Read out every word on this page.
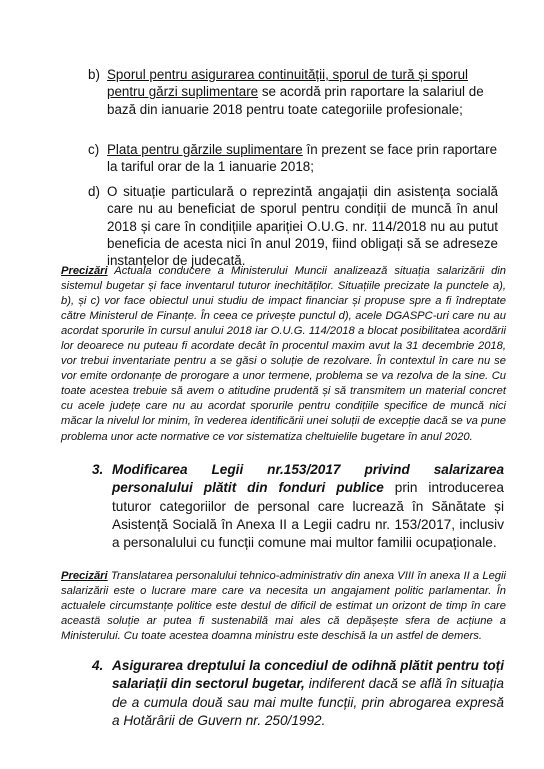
b) Sporul pentru asigurarea continuității, sporul de tură și sporul pentru gărzi suplimentare se acordă prin raportare la salariul de bază din ianuarie 2018 pentru toate categoriile profesionale;
c) Plata pentru gărzile suplimentare în prezent se face prin raportare la tariful orar de la 1 ianuarie 2018;
d) O situație particulară o reprezintă angajații din asistența socială care nu au beneficiat de sporul pentru condiții de muncă în anul 2018 și care în condițiile apariției O.U.G. nr. 114/2018 nu au putut beneficia de acesta nici în anul 2019, fiind obligați să se adreseze instanțelor de judecată.
Precizări Actuala conducere a Ministerului Muncii analizează situația salarizării din sistemul bugetar și face inventarul tuturor inechităților. Situațiile precizate la punctele a), b), și c) vor face obiectul unui studiu de impact financiar și propuse spre a fi îndreptate către Ministerul de Finanțe. În ceea ce privește punctul d), acele DGASPC-uri care nu au acordat sporurile în cursul anului 2018 iar O.U.G. 114/2018 a blocat posibilitatea acordării lor deoarece nu puteau fi acordate decât în procentul maxim avut la 31 decembrie 2018, vor trebui inventariate pentru a se găsi o soluție de rezolvare. În contextul în care nu se vor emite ordonanțe de prorogare a unor termene, problema se va rezolva de la sine. Cu toate acestea trebuie să avem o atitudine prudentă și să transmitem un material concret cu acele județe care nu au acordat sporurile pentru condițiile specifice de muncă nici măcar la nivelul lor minim, în vederea identificării unei soluții de excepție dacă se va pune problema unor acte normative ce vor sistematiza cheltuielile bugetare în anul 2020.
3. Modificarea Legii nr.153/2017 privind salarizarea personalului plătit din fonduri publice prin introducerea tuturor categoriilor de personal care lucrează în Sănătate și Asistență Socială în Anexa II a Legii cadru nr. 153/2017, inclusiv a personalului cu funcții comune mai multor familii ocupaționale.
Precizări Translatarea personalului tehnico-administrativ din anexa VIII în anexa II a Legii salarizării este o lucrare mare care va necesita un angajament politic parlamentar. În actualele circumstanțe politice este destul de dificil de estimat un orizont de timp în care aceastä soluție ar putea fi sustenabilă mai ales că depășește sfera de acțiune a Ministerului. Cu toate acestea doamna ministru este deschisă la un astfel de demers.
4. Asigurarea dreptului la concediul de odihnă plătit pentru toți salariații din sectorul bugetar, indiferent dacă se află în situația de a cumula două sau mai multe funcții, prin abrogarea expresă a Hotărârii de Guvern nr. 250/1992.
